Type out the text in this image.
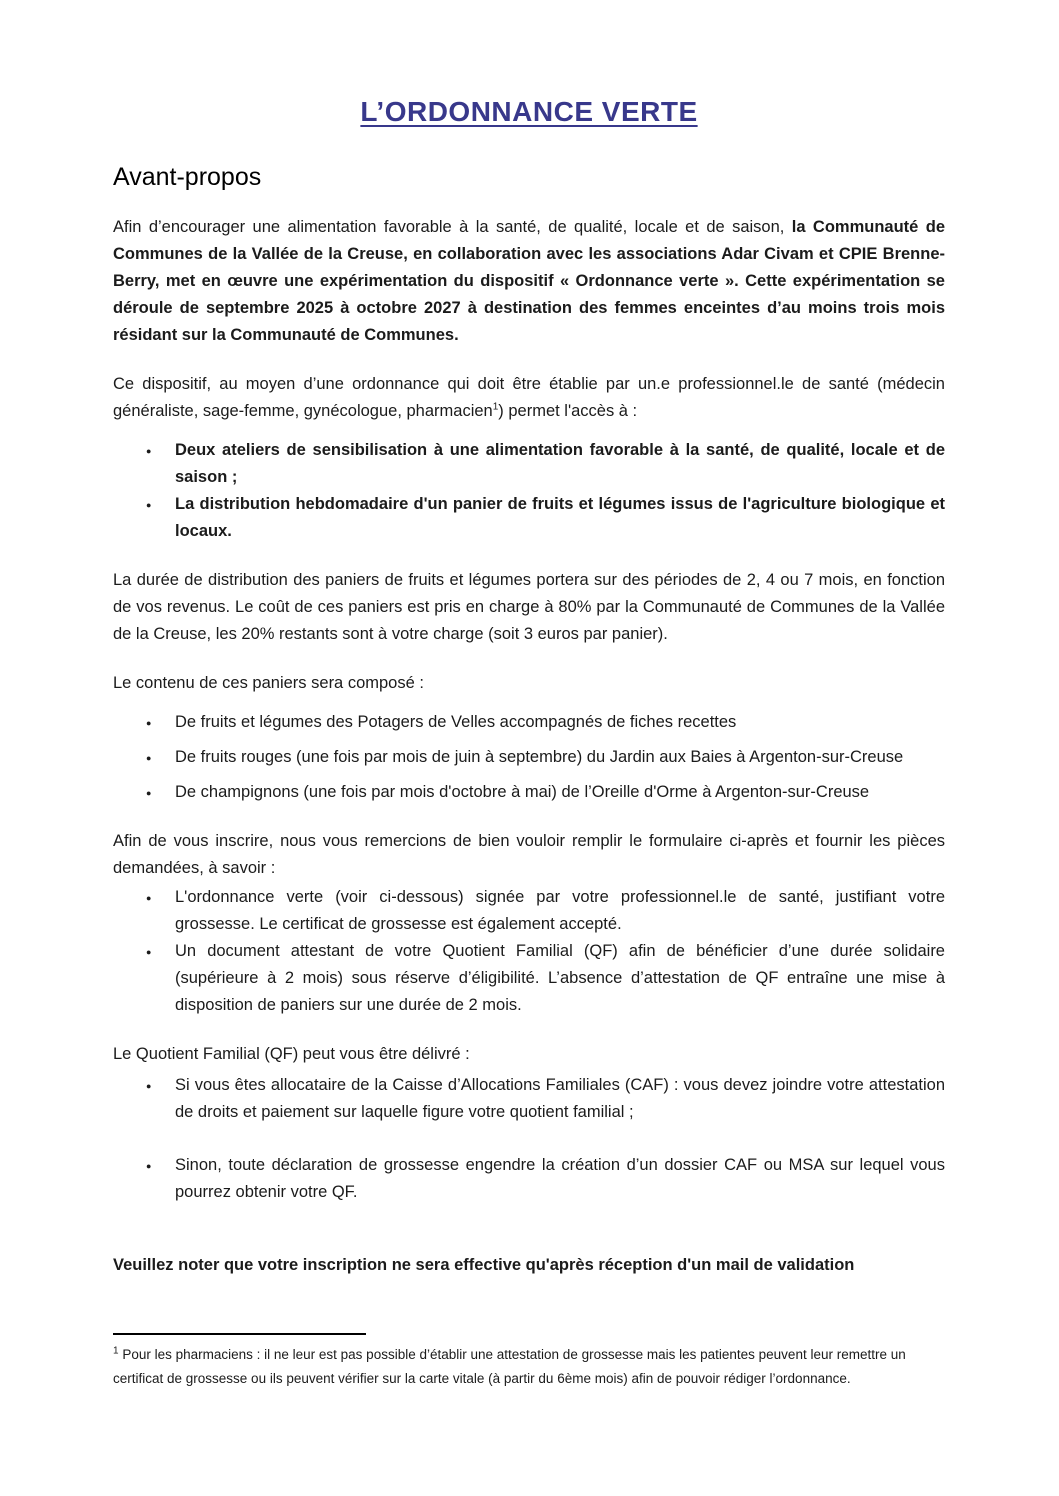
L’ORDONNANCE VERTE
Avant-propos

Afin d’encourager une alimentation favorable à la santé, de qualité, locale et de saison, la Communauté de Communes de la Vallée de la Creuse, en collaboration avec les associations Adar Civam et CPIE Brenne-Berry, met en œuvre une expérimentation du dispositif « Ordonnance verte ». Cette expérimentation se déroule de septembre 2025 à octobre 2027 à destination des femmes enceintes d’au moins trois mois résidant sur la Communauté de Communes.

Ce dispositif, au moyen d’une ordonnance qui doit être établie par un.e professionnel.le de santé (médecin généraliste, sage-femme, gynécologue, pharmacien$^1$) permet l'accès à :

● Deux ateliers de sensibilisation à une alimentation favorable à la santé, de qualité, locale et de saison ;
● La distribution hebdomadaire d'un panier de fruits et légumes issus de l'agriculture biologique et locaux.

La durée de distribution des paniers de fruits et légumes portera sur des périodes de 2, 4 ou 7 mois, en fonction de vos revenus. Le coût de ces paniers est pris en charge à 80% par la Communauté de Communes de la Vallée de la Creuse, les 20% restants sont à votre charge (soit 3 euros par panier).

Le contenu de ces paniers sera composé :

● De fruits et légumes des Potagers de Velles accompagnés de fiches recettes
● De fruits rouges (une fois par mois de juin à septembre) du Jardin aux Baies à Argenton-sur-Creuse
● De champignons (une fois par mois d'octobre à mai) de l’Oreille d'Orme à Argenton-sur-Creuse

Afin de vous inscrire, nous vous remercions de bien vouloir remplir le formulaire ci-après et fournir les pièces demandées, à savoir :

● L'ordonnance verte (voir ci-dessous) signée par votre professionnel.le de santé, justifiant votre grossesse. Le certificat de grossesse est également accepté.
● Un document attestant de votre Quotient Familial (QF) afin de bénéficier d’une durée solidaire (supérieure à 2 mois) sous réserve d’éligibilité. L’absence d’attestation de QF entraîne une mise à disposition de paniers sur une durée de 2 mois.

Le Quotient Familial (QF) peut vous être délivré :

● Si vous êtes allocataire de la Caisse d’Allocations Familiales (CAF) : vous devez joindre votre attestation de droits et paiement sur laquelle figure votre quotient familial ;
● Sinon, toute déclaration de grossesse engendre la création d’un dossier CAF ou MSA sur lequel vous pourrez obtenir votre QF.

Veuillez noter que votre inscription ne sera effective qu'après réception d'un mail de validation

$^1$ Pour les pharmaciens : il ne leur est pas possible d’établir une attestation de grossesse mais les patientes peuvent leur remettre un certificat de grossesse ou ils peuvent vérifier sur la carte vitale (à partir du 6ème mois) afin de pouvoir rédiger l’ordonnance.
